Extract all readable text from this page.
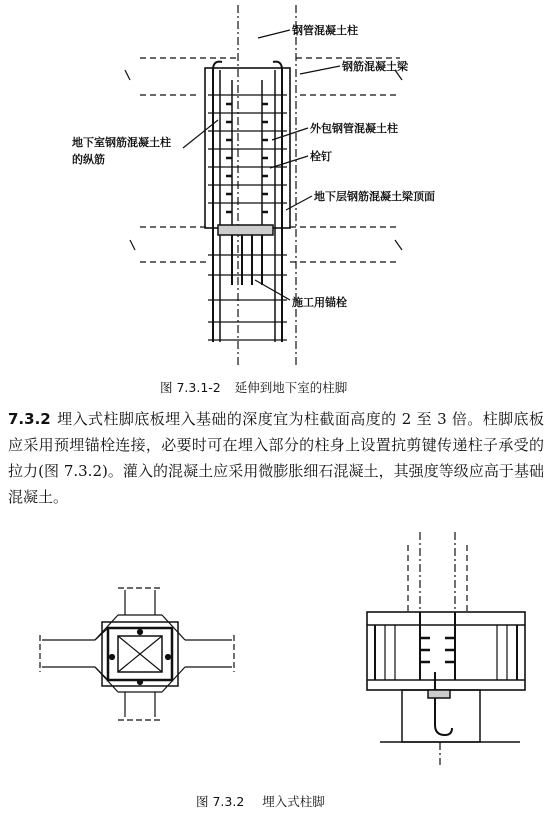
钢管混凝土柱
钢筋混凝土梁
地下室钢筋混凝土柱的纵筋
外包钢管混凝土柱
栓钉
地下层钢筋混凝土梁顶面
施工用锚栓
图 7.3.1-2 延伸到地下室的柱脚
7.3.2 埋入式柱脚底板埋入基础的深度宜为柱截面高度的 2 至 3 倍。柱脚底板应采用预埋锚栓连接，必要时可在埋入部分的柱身上设置抗剪键传递柱子承受的拉力(图 7.3.2)。灌入的混凝土应采用微膨胀细石混凝土，其强度等级应高于基础混凝土。
图 7.3.2 埋入式柱脚
